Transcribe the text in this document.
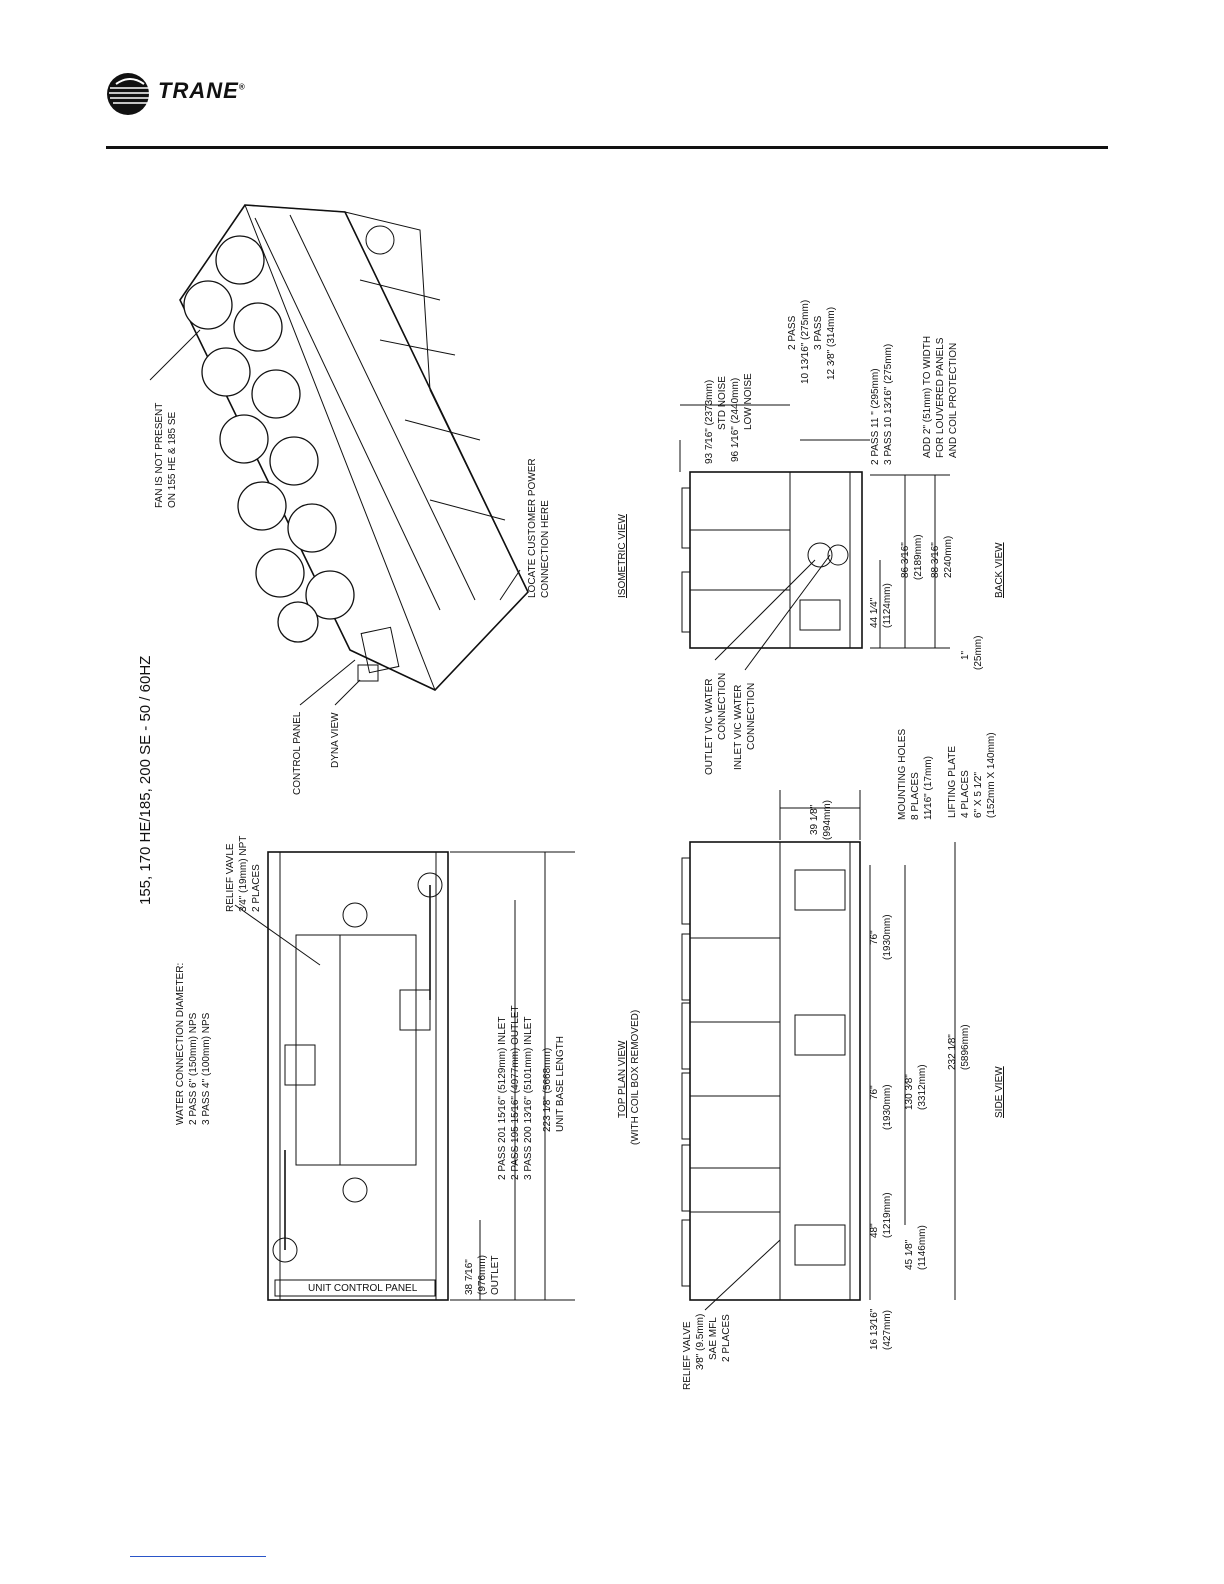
TRANE®
155, 170 HE/185, 200 SE - 50 / 60HZ
FAN IS NOT PRESENT ON 155 HE & 185 SE	LOCATE CUSTOMER POWER CONNECTION HERE
CONTROL PANEL	DYNA VIEW
ISOMETRIC VIEW
WATER CONNECTION DIAMETER: 2 PASS 6" (150mm) NPS 3 PASS 4" (100mm) NPS
RELIEF VAVLE 3⁄4" (19mm) NPT 2 PLACES
38 7⁄16" (976mm) OUTLET
2 PASS 201 15⁄16" (5129mm) INLET 2 PASS 195 15⁄16" (4977mm) OUTLET 3 PASS 200 13⁄16" (5101mm) INLET 223 1⁄8" (5668mm) UNIT BASE LENGTH
UNIT CONTROL PANEL
TOP PLAN VIEW (WITH COIL BOX REMOVED)
RELIEF VALVE 3⁄8" (9.5mm) SAE MFL 2 PLACES	16 13⁄16" (427mm)
45 1⁄8" (1146mm)
48" (1219mm)
76" (1930mm)
76" (1930mm)
130 3⁄8" (3312mm)
232 1⁄8" (5896mm)
39 1⁄8" (994mm)	MOUNTING HOLES 8 PLACES 11⁄16" (17mm) LIFTING PLATE 4 PLACES 6" X 5 1⁄2" (152mm X 140mm)
SIDE VIEW
93 7⁄16" (2373mm) STD NOISE 96 1⁄16" (2440mm) LOW NOISE
2 PASS 10 13⁄16" (275mm) 3 PASS 12 3⁄8" (314mm)
2 PASS 11 " (295mm) 3 PASS 10 13⁄16" (275mm)	ADD 2" (51mm) TO WIDTH FOR LOUVERED PANELS AND COIL PROTECTION
OUTLET VIC WATER CONNECTION INLET VIC WATER CONNECTION
44 1⁄4" (1124mm)
86 3⁄16" (2189mm) 88 3⁄16" 2240mm)
1" (25mm)
BACK VIEW
